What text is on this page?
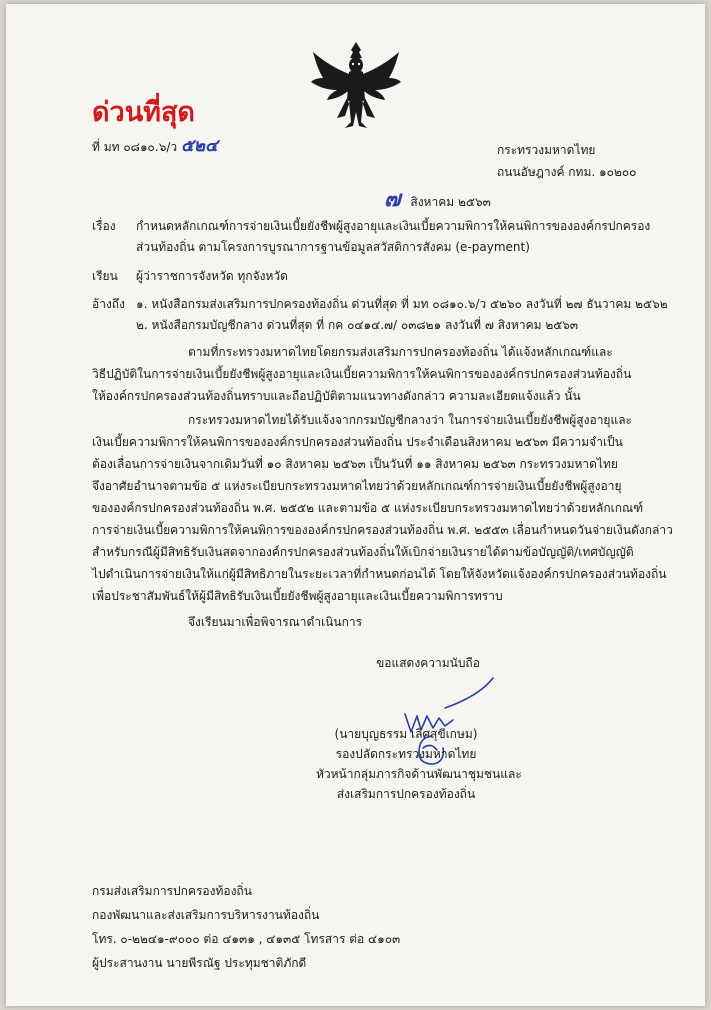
ด่วนที่สุด
ที่ มท ๐๘๑๐.๖/ว ๕๒๔	กระทรวงมหาดไทย
ถนนอัษฎางค์ กทม. ๑๐๒๐๐
๗ สิงหาคม ๒๕๖๓
เรื่อง กำหนดหลักเกณฑ์การจ่ายเงินเบี้ยยังชีพผู้สูงอายุและเงินเบี้ยความพิการให้คนพิการขององค์กรปกครอง
ส่วนท้องถิ่น ตามโครงการบูรณาการฐานข้อมูลสวัสดิการสังคม (e-payment)
เรียน ผู้ว่าราชการจังหวัด ทุกจังหวัด
อ้างถึง ๑. หนังสือกรมส่งเสริมการปกครองท้องถิ่น ด่วนที่สุด ที่ มท ๐๘๑๐.๖/ว ๕๒๖๐ ลงวันที่ ๒๗ ธันวาคม ๒๕๖๒
๒. หนังสือกรมบัญชีกลาง ด่วนที่สุด ที่ กค ๐๔๑๔.๗/ ๐๓๘๒๑ ลงวันที่ ๗ สิงหาคม ๒๕๖๓

ตามที่กระทรวงมหาดไทยโดยกรมส่งเสริมการปกครองท้องถิ่น ได้แจ้งหลักเกณฑ์และ

วิธีปฏิบัติในการจ่ายเงินเบี้ยยังชีพผู้สูงอายุและเงินเบี้ยความพิการให้คนพิการขององค์กรปกครองส่วนท้องถิ่น

ให้องค์กรปกครองส่วนท้องถิ่นทราบและถือปฏิบัติตามแนวทางดังกล่าว ความละเอียดแจ้งแล้ว นั้น

กระทรวงมหาดไทยได้รับแจ้งจากกรมบัญชีกลางว่า ในการจ่ายเงินเบี้ยยังชีพผู้สูงอายุและ

เงินเบี้ยความพิการให้คนพิการขององค์กรปกครองส่วนท้องถิ่น ประจำเดือนสิงหาคม ๒๕๖๓ มีความจำเป็น

ต้องเลื่อนการจ่ายเงินจากเดิมวันที่ ๑๐ สิงหาคม ๒๕๖๓ เป็นวันที่ ๑๑ สิงหาคม ๒๕๖๓ กระทรวงมหาดไทย

จึงอาศัยอำนาจตามข้อ ๕ แห่งระเบียบกระทรวงมหาดไทยว่าด้วยหลักเกณฑ์การจ่ายเงินเบี้ยยังชีพผู้สูงอายุ

ขององค์กรปกครองส่วนท้องถิ่น พ.ศ. ๒๕๕๒ และตามข้อ ๕ แห่งระเบียบกระทรวงมหาดไทยว่าด้วยหลักเกณฑ์

การจ่ายเงินเบี้ยความพิการให้คนพิการขององค์กรปกครองส่วนท้องถิ่น พ.ศ. ๒๕๕๓ เลื่อนกำหนดวันจ่ายเงินดังกล่าว

สำหรับกรณีผู้มีสิทธิรับเงินสดจากองค์กรปกครองส่วนท้องถิ่นให้เบิกจ่ายเงินรายได้ตามข้อบัญญัติ/เทศบัญญัติ

ไปดำเนินการจ่ายเงินให้แก่ผู้มีสิทธิภายในระยะเวลาที่กำหนดก่อนได้ โดยให้จังหวัดแจ้งองค์กรปกครองส่วนท้องถิ่น

เพื่อประชาสัมพันธ์ให้ผู้มีสิทธิรับเงินเบี้ยยังชีพผู้สูงอายุและเงินเบี้ยความพิการทราบ

จึงเรียนมาเพื่อพิจารณาดำเนินการ
ขอแสดงความนับถือ
(นายบุญธรรม เลิศสุขีเกษม)
รองปลัดกระทรวงมหาดไทย
หัวหน้ากลุ่มภารกิจด้านพัฒนาชุมชนและ
ส่งเสริมการปกครองท้องถิ่น
กรมส่งเสริมการปกครองท้องถิ่น
กองพัฒนาและส่งเสริมการบริหารงานท้องถิ่น
โทร. ๐-๒๒๔๑-๙๐๐๐ ต่อ ๔๑๓๑ , ๔๑๓๕ โทรสาร ต่อ ๔๑๐๓
ผู้ประสานงาน นายพีรณัฐ ประทุมชาติภักดี
